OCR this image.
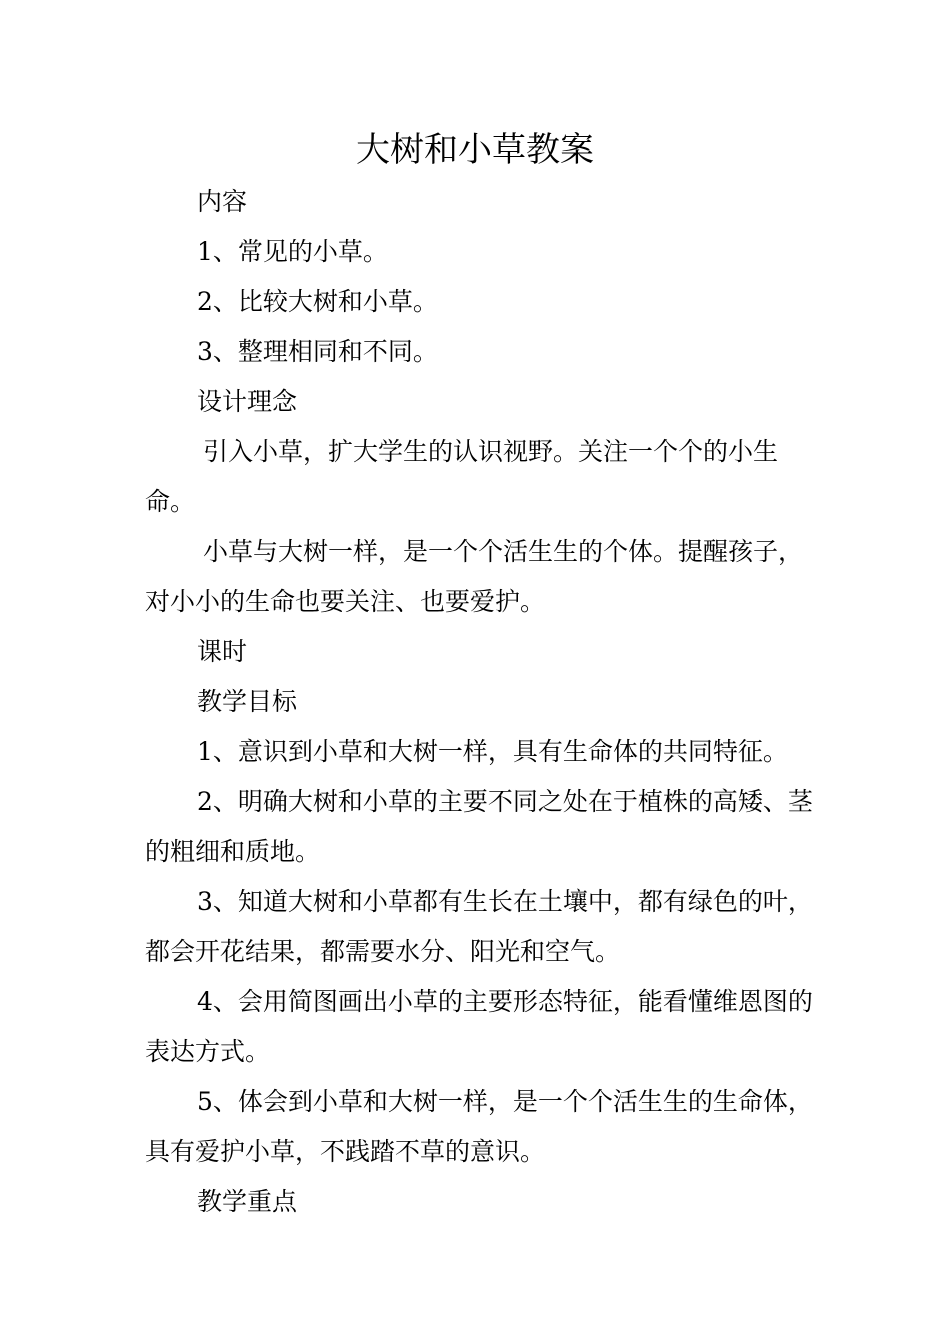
大树和小草教案

内容

1、常见的小草。

2、比较大树和小草。

3、整理相同和不同。

设计理念

引入小草，扩大学生的认识视野。关注一个个的小生命。

小草与大树一样，是一个个活生生的个体。提醒孩子，对小小的生命也要关注、也要爱护。

课时

教学目标

1、意识到小草和大树一样，具有生命体的共同特征。

2、明确大树和小草的主要不同之处在于植株的高矮、茎的粗细和质地。

3、知道大树和小草都有生长在土壤中，都有绿色的叶，都会开花结果，都需要水分、阳光和空气。

4、会用简图画出小草的主要形态特征，能看懂维恩图的表达方式。

5、体会到小草和大树一样，是一个个活生生的生命体，具有爱护小草，不践踏不草的意识。

教学重点
